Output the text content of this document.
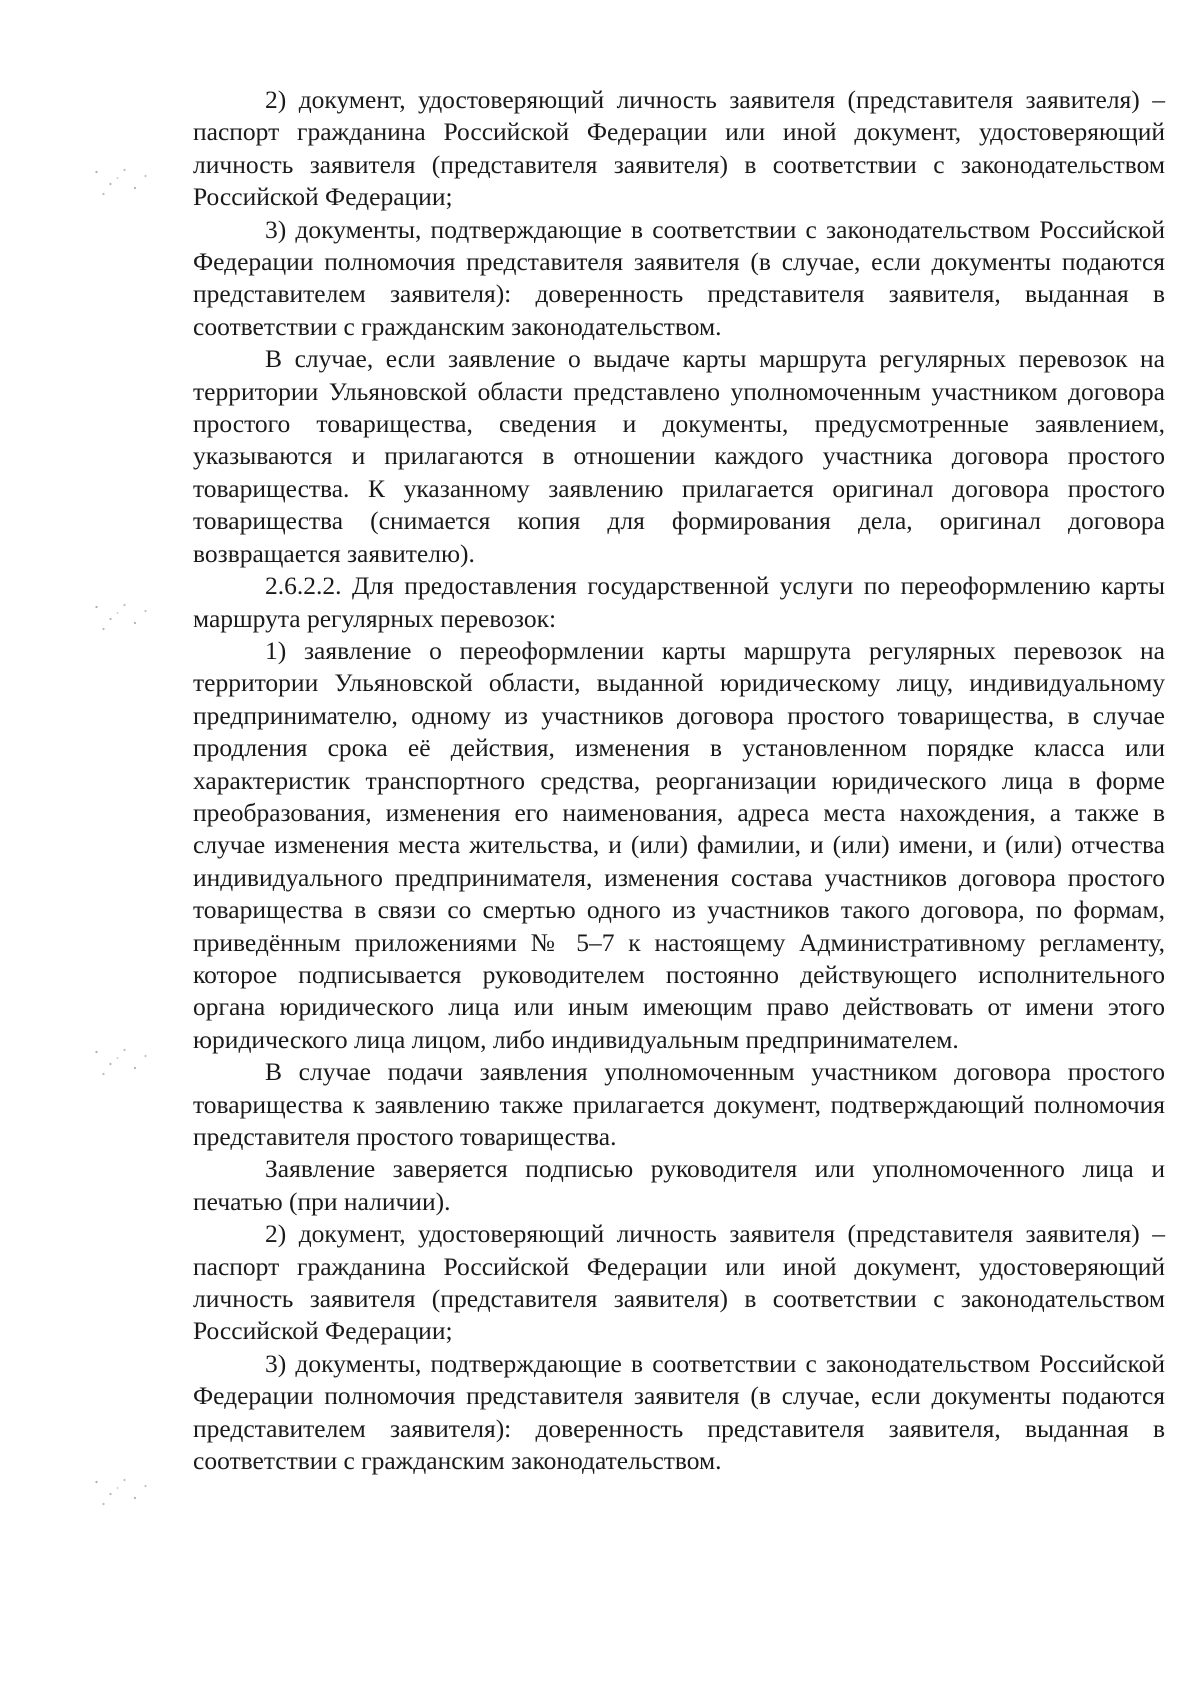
2) документ, удостоверяющий личность заявителя (представителя заявителя) – паспорт гражданина Российской Федерации или иной документ, удостоверяющий личность заявителя (представителя заявителя) в соответствии с законодательством Российской Федерации;

3) документы, подтверждающие в соответствии с законодательством Российской Федерации полномочия представителя заявителя (в случае, если документы подаются представителем заявителя): доверенность представителя заявителя, выданная в соответствии с гражданским законодательством.

В случае, если заявление о выдаче карты маршрута регулярных перевозок на территории Ульяновской области представлено уполномоченным участником договора простого товарищества, сведения и документы, предусмотренные заявлением, указываются и прилагаются в отношении каждого участника договора простого товарищества. К указанному заявлению прилагается оригинал договора простого товарищества (снимается копия для формирования дела, оригинал договора возвращается заявителю).

2.6.2.2. Для предоставления государственной услуги по переоформлению карты маршрута регулярных перевозок:

1) заявление о переоформлении карты маршрута регулярных перевозок на территории Ульяновской области, выданной юридическому лицу, индивидуальному предпринимателю, одному из участников договора простого товарищества, в случае продления срока её действия, изменения в установленном порядке класса или характеристик транспортного средства, реорганизации юридического лица в форме преобразования, изменения его наименования, адреса места нахождения, а также в случае изменения места жительства, и (или) фамилии, и (или) имени, и (или) отчества индивидуального предпринимателя, изменения состава участников договора простого товарищества в связи со смертью одного из участников такого договора, по формам, приведённым приложениями № 5–7 к настоящему Административному регламенту, которое подписывается руководителем постоянно действующего исполнительного органа юридического лица или иным имеющим право действовать от имени этого юридического лица лицом, либо индивидуальным предпринимателем.

В случае подачи заявления уполномоченным участником договора простого товарищества к заявлению также прилагается документ, подтверждающий полномочия представителя простого товарищества.

Заявление заверяется подписью руководителя или уполномоченного лица и печатью (при наличии).

2) документ, удостоверяющий личность заявителя (представителя заявителя) – паспорт гражданина Российской Федерации или иной документ, удостоверяющий личность заявителя (представителя заявителя) в соответствии с законодательством Российской Федерации;

3) документы, подтверждающие в соответствии с законодательством Российской Федерации полномочия представителя заявителя (в случае, если документы подаются представителем заявителя): доверенность представителя заявителя, выданная в соответствии с гражданским законодательством.
